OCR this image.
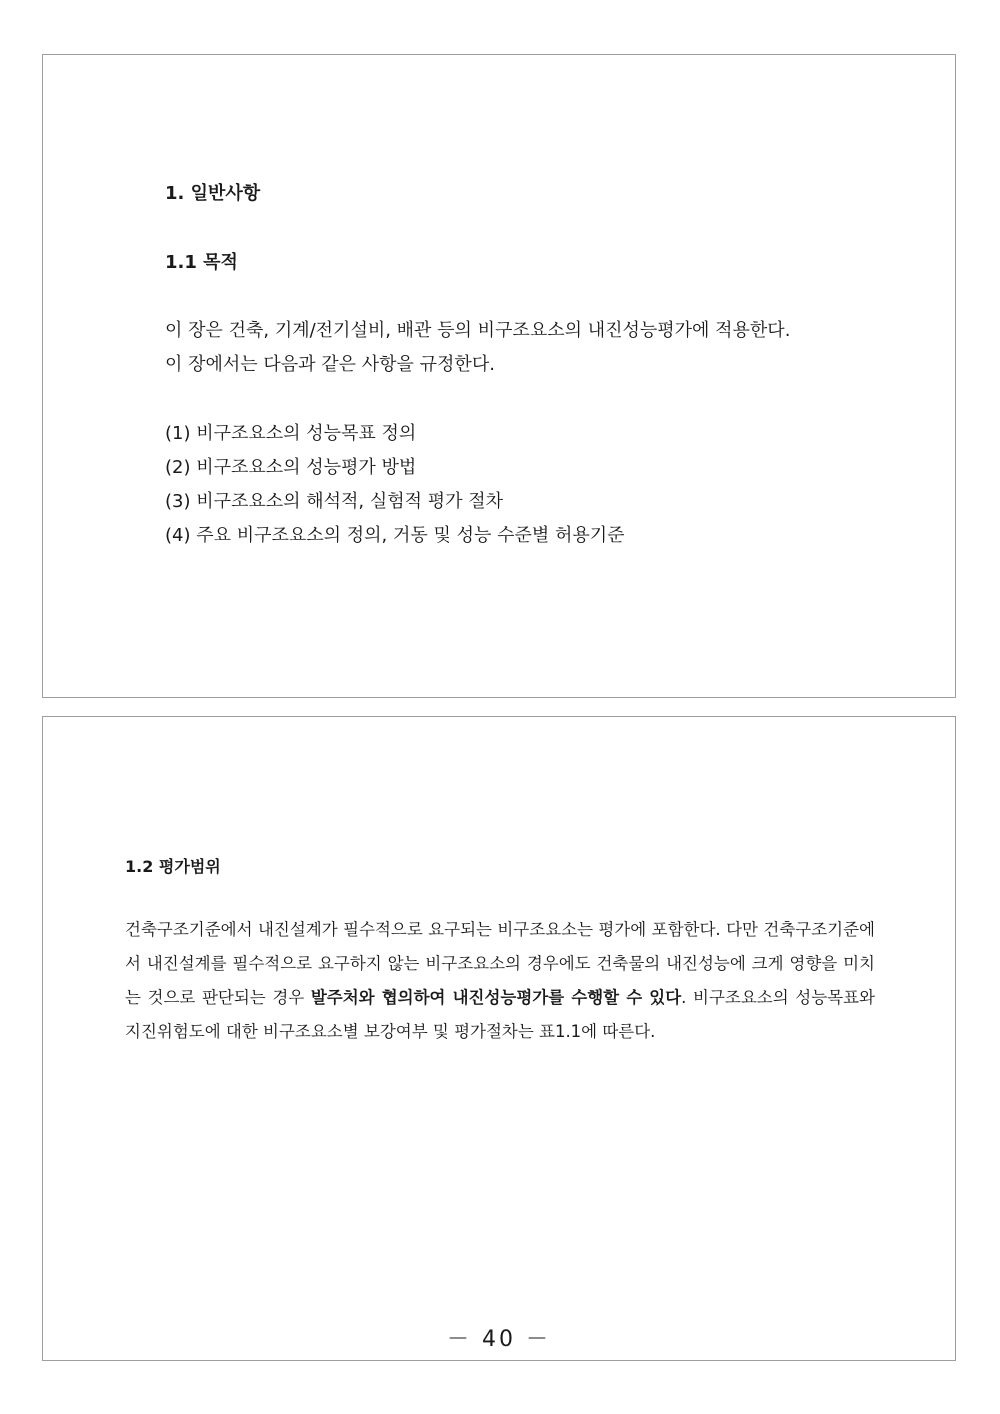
1. 일반사항
1.1 목적
이 장은 건축, 기계/전기설비, 배관 등의 비구조요소의 내진성능평가에 적용한다.
이 장에서는 다음과 같은 사항을 규정한다.
(1) 비구조요소의 성능목표 정의
(2) 비구조요소의 성능평가 방법
(3) 비구조요소의 해석적, 실험적 평가 절차
(4) 주요 비구조요소의 정의, 거동 및 성능 수준별 허용기준
1.2 평가범위

건축구조기준에서 내진설계가 필수적으로 요구되는 비구조요소는 평가에 포함한다. 다만 건축구조기준에서 내진설계를 필수적으로 요구하지 않는 비구조요소의 경우에도 건축물의 내진성능에 크게 영향을 미치는 것으로 판단되는 경우 발주처와 협의하여 내진성능평가를 수행할 수 있다. 비구조요소의 성능목표와 지진위험도에 대한 비구조요소별 보강여부 및 평가절차는 표1.1에 따른다.

－ 40 －
